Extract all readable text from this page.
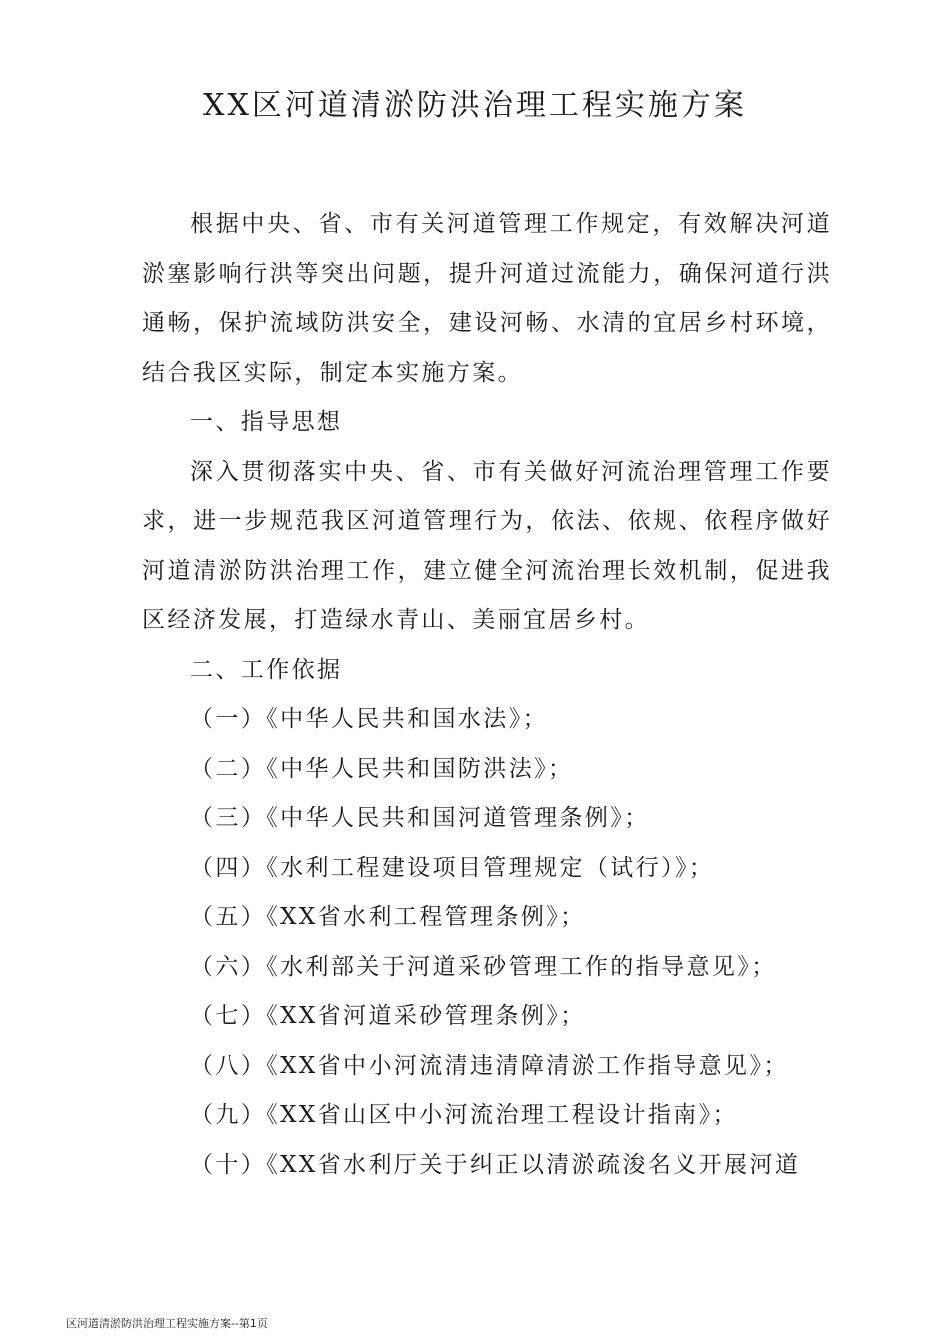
XX区河道清淤防洪治理工程实施方案

根据中央、省、市有关河道管理工作规定，有效解决河道淤塞影响行洪等突出问题，提升河道过流能力，确保河道行洪通畅，保护流域防洪安全，建设河畅、水清的宜居乡村环境，结合我区实际，制定本实施方案。

一、指导思想

深入贯彻落实中央、省、市有关做好河流治理管理工作要求，进一步规范我区河道管理行为，依法、依规、依程序做好河道清淤防洪治理工作，建立健全河流治理长效机制，促进我区经济发展，打造绿水青山、美丽宜居乡村。

二、工作依据

（一）《中华人民共和国水法》；
（二）《中华人民共和国防洪法》；
（三）《中华人民共和国河道管理条例》；
（四）《水利工程建设项目管理规定（试行）》；
（五）《XX省水利工程管理条例》；
（六）《水利部关于河道采砂管理工作的指导意见》；
（七）《XX省河道采砂管理条例》；
（八）《XX省中小河流清违清障清淤工作指导意见》；
（九）《XX省山区中小河流治理工程设计指南》；
（十）《XX省水利厅关于纠正以清淤疏浚名义开展河道
区河道清淤防洪治理工程实施方案--第1页
